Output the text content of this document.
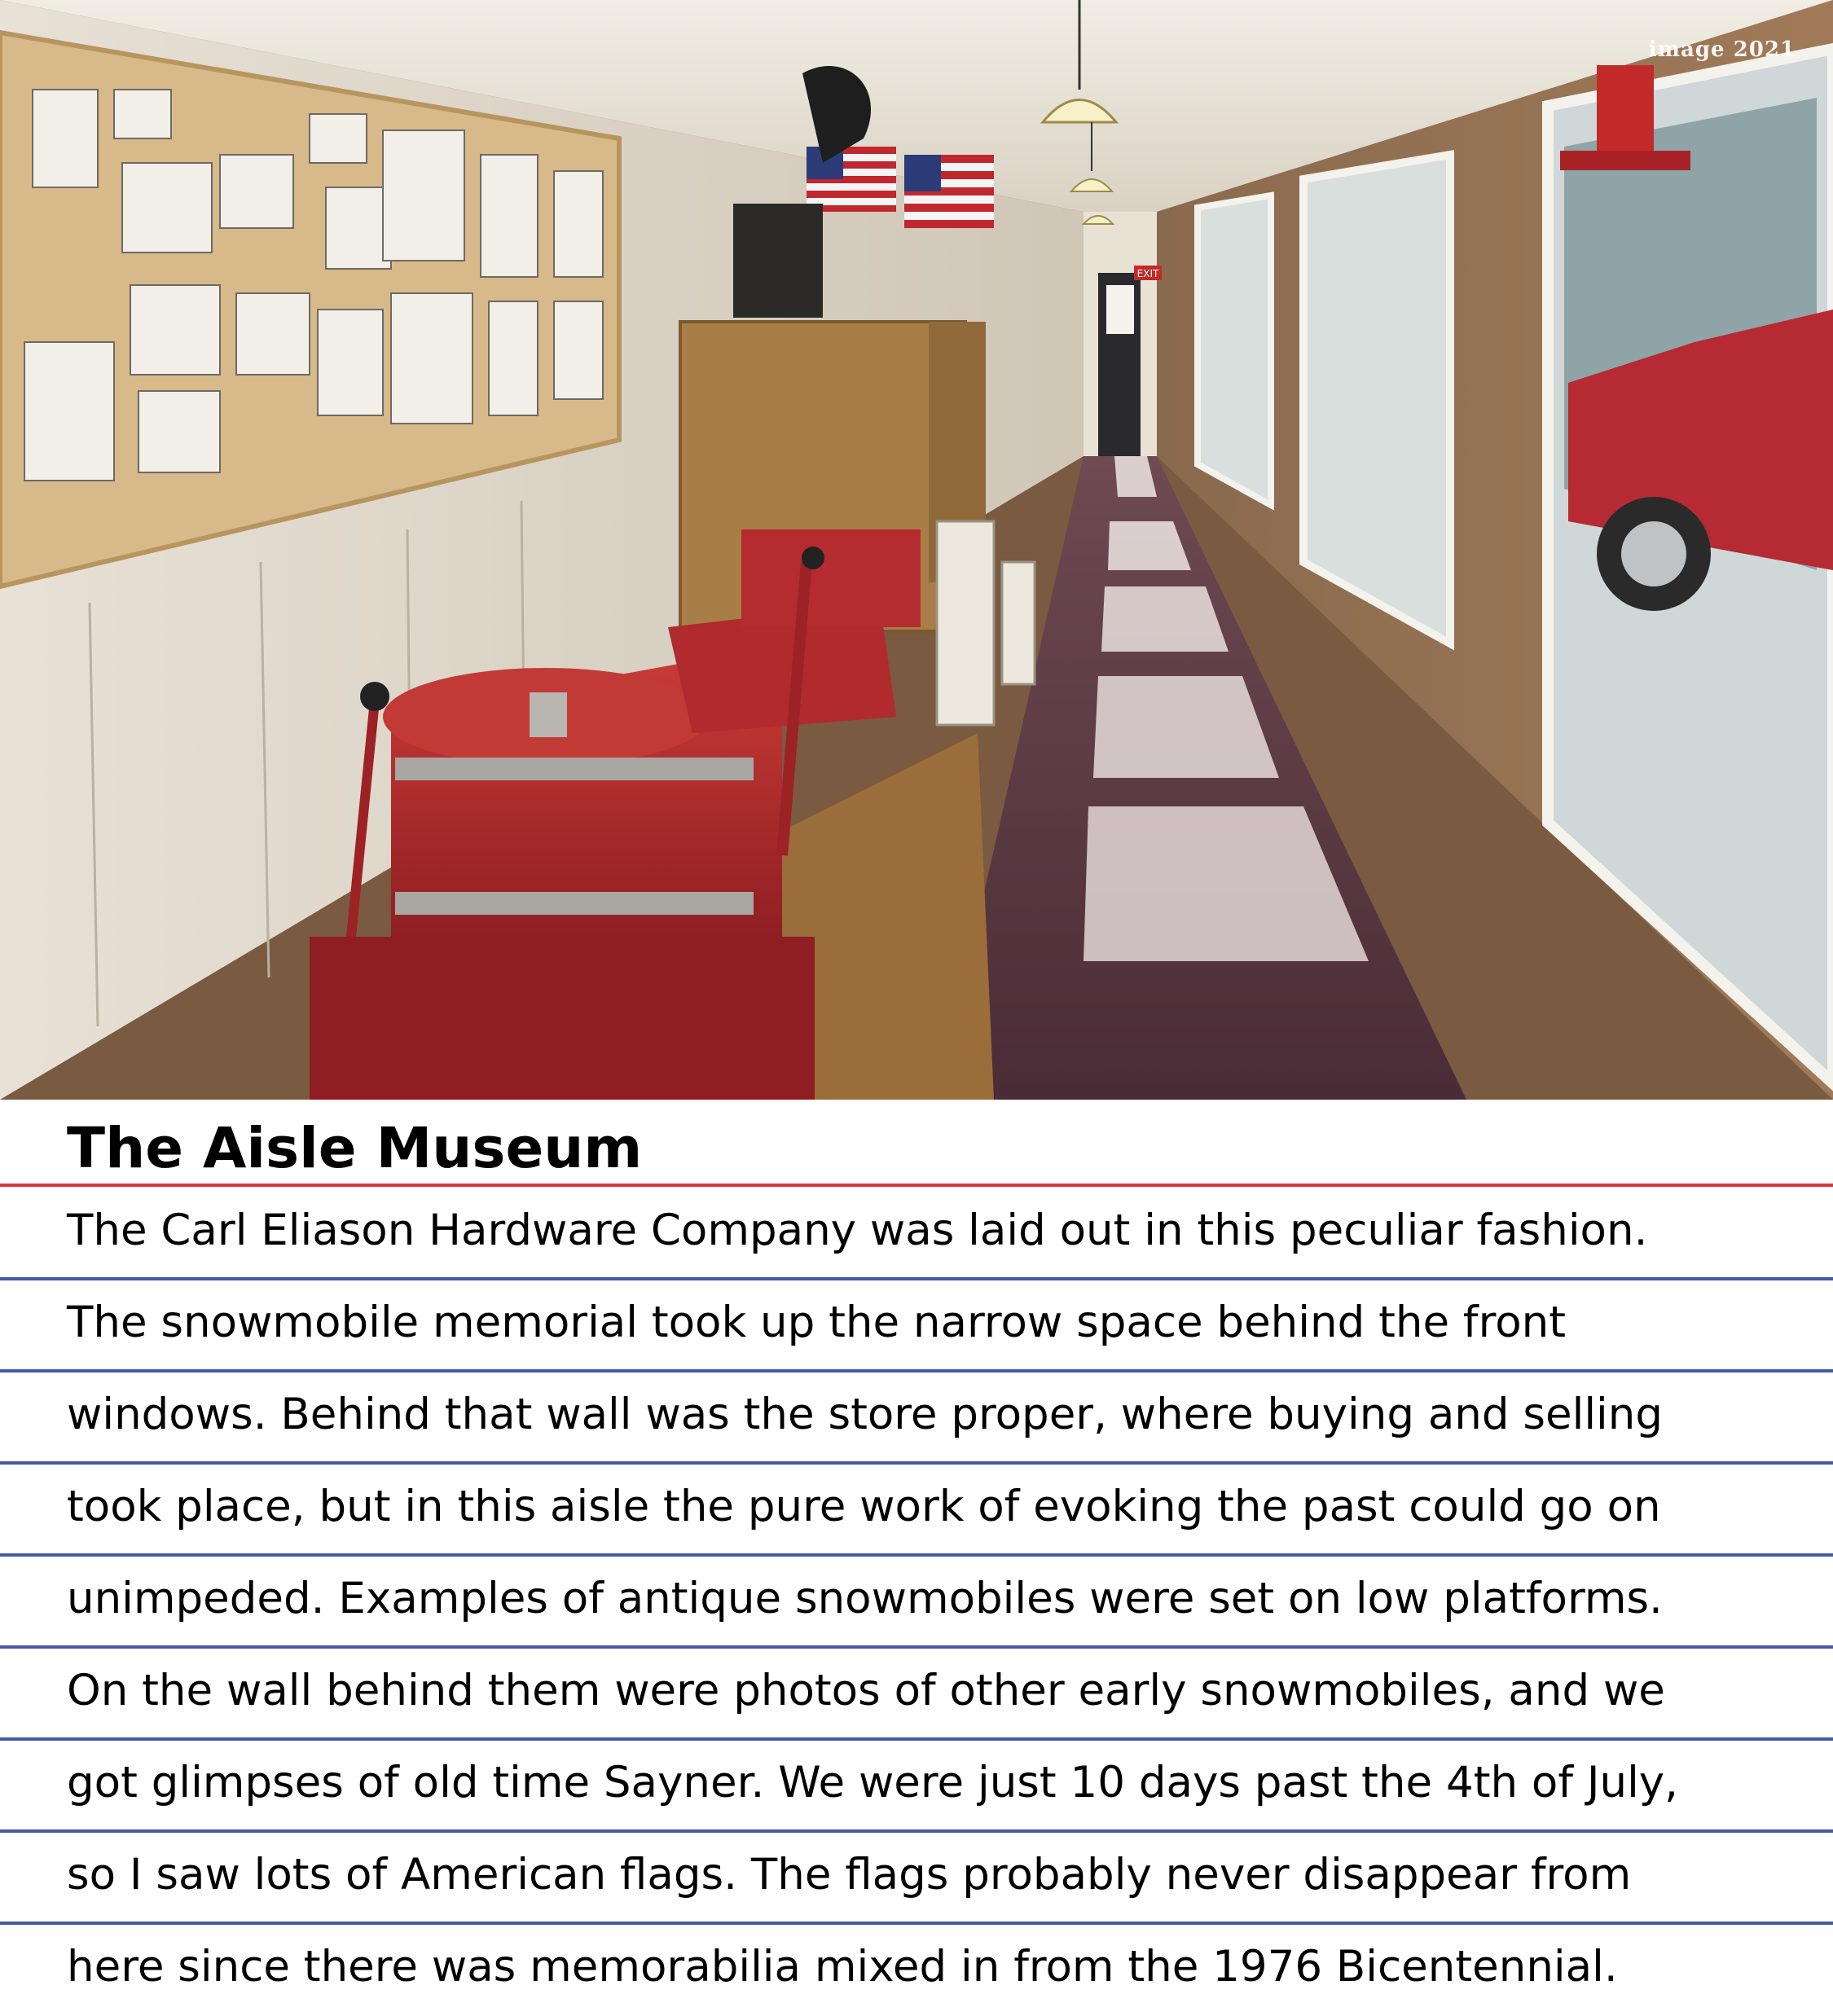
EXIT
image 2021
The Aisle Museum
The Carl Eliason Hardware Company was laid out in this peculiar fashion.
The snowmobile memorial took up the narrow space behind the front
windows. Behind that wall was the store proper, where buying and selling
took place, but in this aisle the pure work of evoking the past could go on
unimpeded. Examples of antique snowmobiles were set on low platforms.
On the wall behind them were photos of other early snowmobiles, and we
got glimpses of old time Sayner. We were just 10 days past the 4th of July,
so I saw lots of American flags. The flags probably never disappear from
here since there was memorabilia mixed in from the 1976 Bicentennial.
